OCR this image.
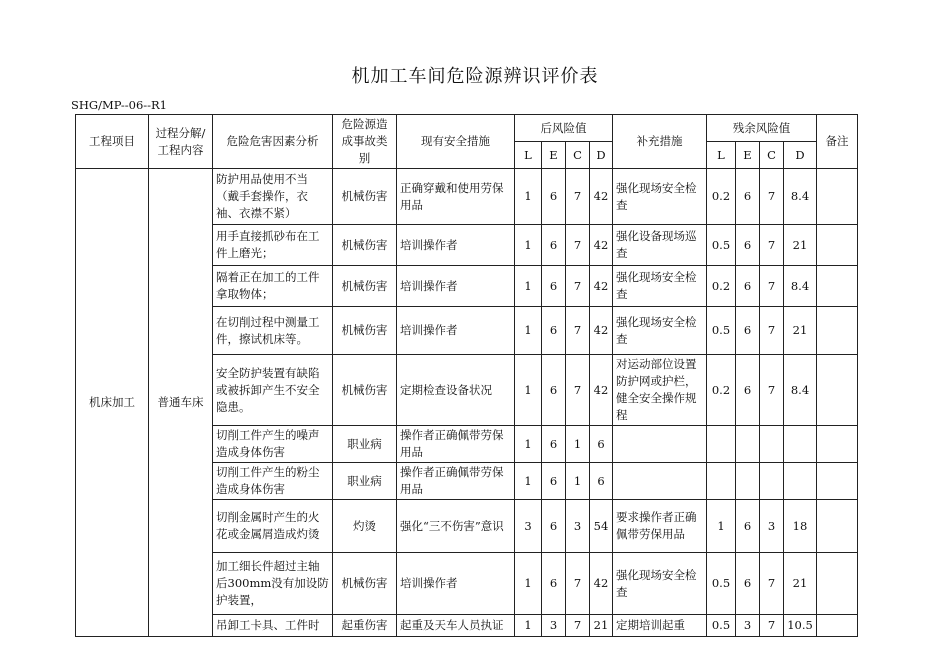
机加工车间危险源辨识评价表
SHG/MP--06--R1
工程项目	过程分解/工程内容	危险危害因素分析	危险源造成事故类别	现有安全措施	后风险值				补充措施	残余风险值				备注
					L	E	C	D		L	E	C	D	
机床加工	普通车床	防护用品使用不当（戴手套操作，衣袖、衣襟不紧）	机械伤害	正确穿戴和使用劳保用品	1	6	7	42	强化现场安全检查	0.2	6	7	8.4	
		用手直接抓砂布在工件上磨光；	机械伤害	培训操作者	1	6	7	42	强化设备现场巡查	0.5	6	7	21	
		隔着正在加工的工件拿取物体；	机械伤害	培训操作者	1	6	7	42	强化现场安全检查	0.2	6	7	8.4	
		在切削过程中测量工件，擦试机床等。	机械伤害	培训操作者	1	6	7	42	强化现场安全检查	0.5	6	7	21	
		安全防护装置有缺陷或被拆卸产生不安全隐患。	机械伤害	定期检查设备状况	1	6	7	42	对运动部位设置防护网或护栏，健全安全操作规程	0.2	6	7	8.4	
		切削工件产生的噪声造成身体伤害	职业病	操作者正确佩带劳保用品	1	6	1	6						
		切削工件产生的粉尘造成身体伤害	职业病	操作者正确佩带劳保用品	1	6	1	6						
		切削金属时产生的火花或金属屑造成灼烫	灼烫	强化“三不伤害”意识	3	6	3	54	要求操作者正确佩带劳保用品	1	6	3	18	
		加工细长件超过主轴后300mm没有加设防护装置，	机械伤害	培训操作者	1	6	7	42	强化现场安全检查	0.5	6	7	21	
		吊卸工卡具、工件时	起重伤害	起重及天车人员执证	1	3	7	21	定期培训起重	0.5	3	7	10.5	
